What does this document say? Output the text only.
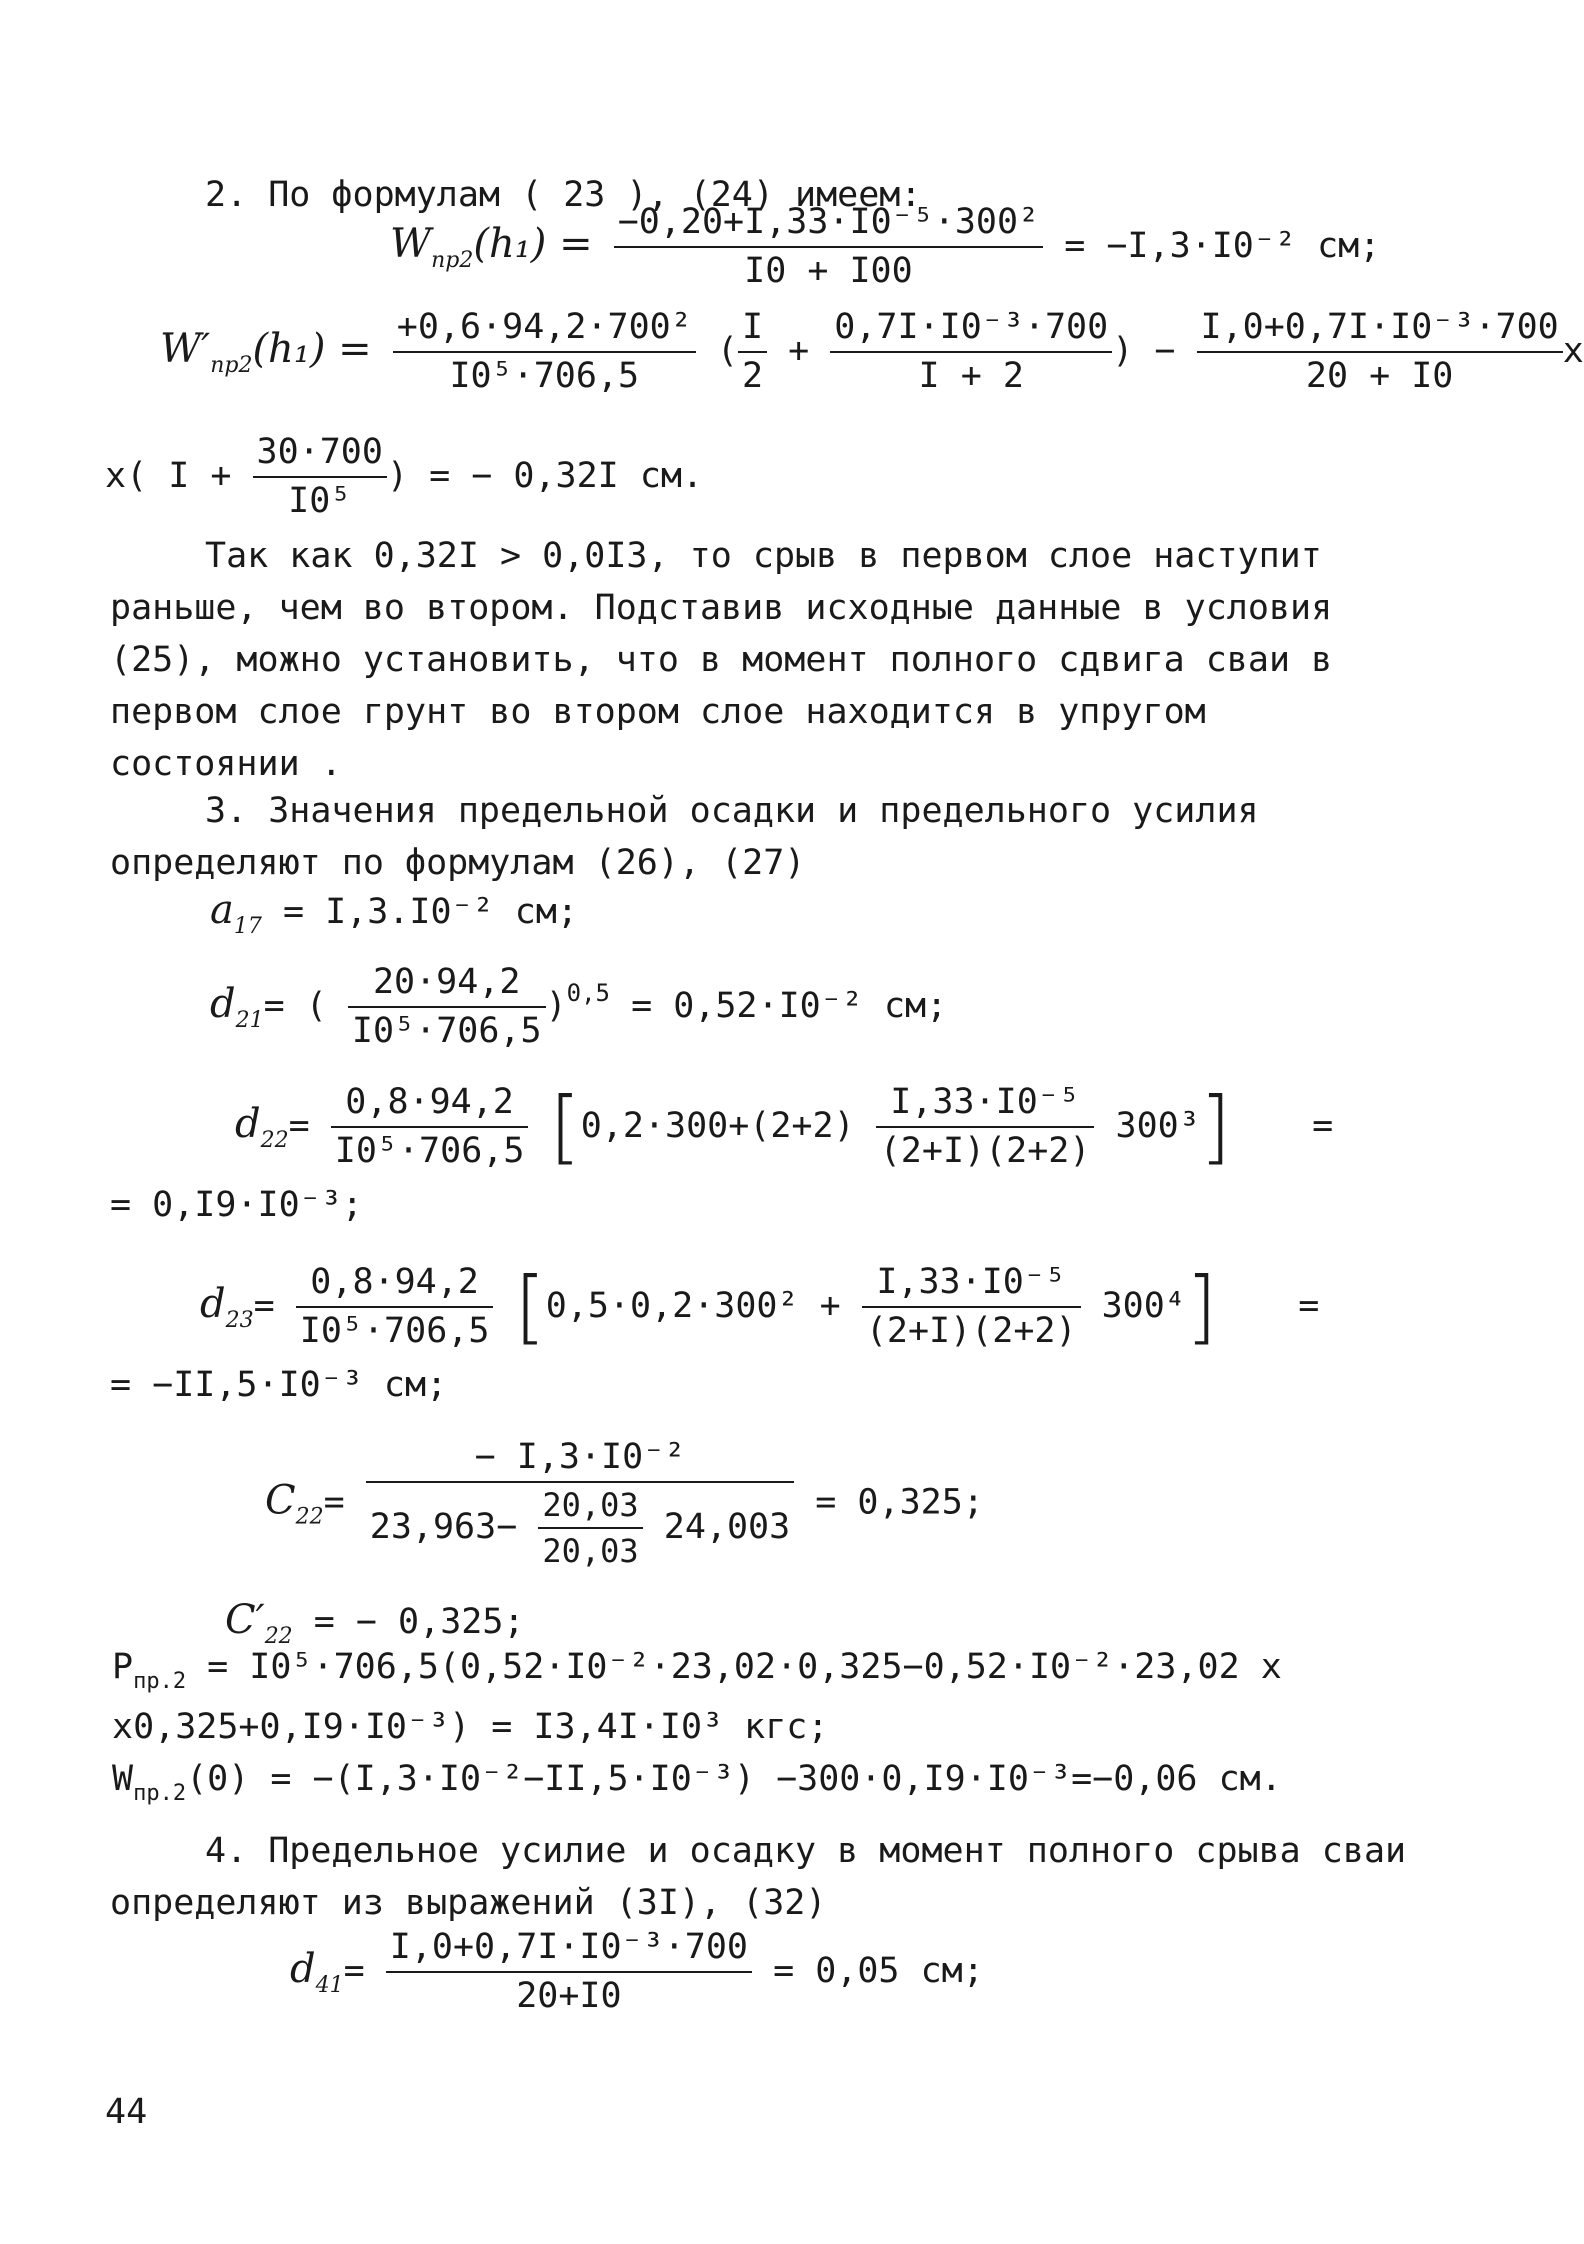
2. По формулам ( 23 ), (24) имеем:
$W_{пр2}(h_1) = \frac{\text{−0,20+I,33·I0⁻⁵·300²}}{I0 + I00} = -I,3\cdot I0^{-2}$ см;
$W'_{пр2}(h_1) = \frac{\text{+0,6·94,2·700²}}{\text{I0⁵·706,5}}$ ( $\frac{I}{2} + \frac{\text{0,7I·I0⁻³·700}}{I + 2}$ ) − $\frac{\text{I,0+0,7I·I0⁻³·700}}{20 + I0}$ x
x( $I + \frac{30\cdot 700}{\text{I0⁵}}$ ) = − 0,32I см.
Так как 0,32I > 0,0I3, то срыв в первом слое наступит раньше, чем во втором. Подставив исходные данные в условия (25), можно установить, что в момент полного сдвига сваи в первом слое грунт во втором слое находится в упругом состоянии .
3. Значения предельной осадки и предельного усилия определяют по формулам (26), (27)
$a_{17} = I,3.I0^{-2}$ см;
$d_{21}=$ ( $\frac{20\cdot 94,2}{\text{I0⁵·706,5}} )^{0,5} = 0,52\cdot I0^{-2}$ см;
$d_{22}= \frac{0,8\cdot 94,2}{\text{I0⁵·706,5}} [0,2\cdot 300+(2+2) \frac{\text{I,33·I0⁻⁵}}{(2+I)(2+2)} 300^3]$ =
= 0,I9·I0⁻³;
$d_{23}= \frac{0,8\cdot 94,2}{\text{I0⁵·706,5}} [0,5\cdot 0,2\cdot 300^2 + \frac{\text{I,33·I0⁻⁵}}{(2+I)(2+2)} 300^4]$ =
= −II,5·I0⁻³ см;
$C_{22}= \frac{\text{− I,3·I0⁻²}}{23,963- \frac{20,03}{20,03} 24,003} = 0,325$;
$C'_{22}$ = − 0,325;
$P_{пр.2} = I0^5\cdot 706,5(0,52\cdot I0^{-2}\cdot 23,02\cdot 0,325-0,52\cdot I0^{-2}\cdot 23,02$ x
x0,325+0,I9·I0⁻³) = I3,4I·I0³ кгс;
$W_{пр.2}(0) = -(I,3\cdot I0^{-2}-II,5\cdot I0^{-3}) -300\cdot 0,I9\cdot I0^{-3}=-0,06$ см.
4. Предельное усилие и осадку в момент полного срыва сваи определяют из выражений (3I), (32)
$d_{41}= \frac{\text{I,0+0,7I·I0⁻³·700}}{20+I0} = 0,05$ см;
44
